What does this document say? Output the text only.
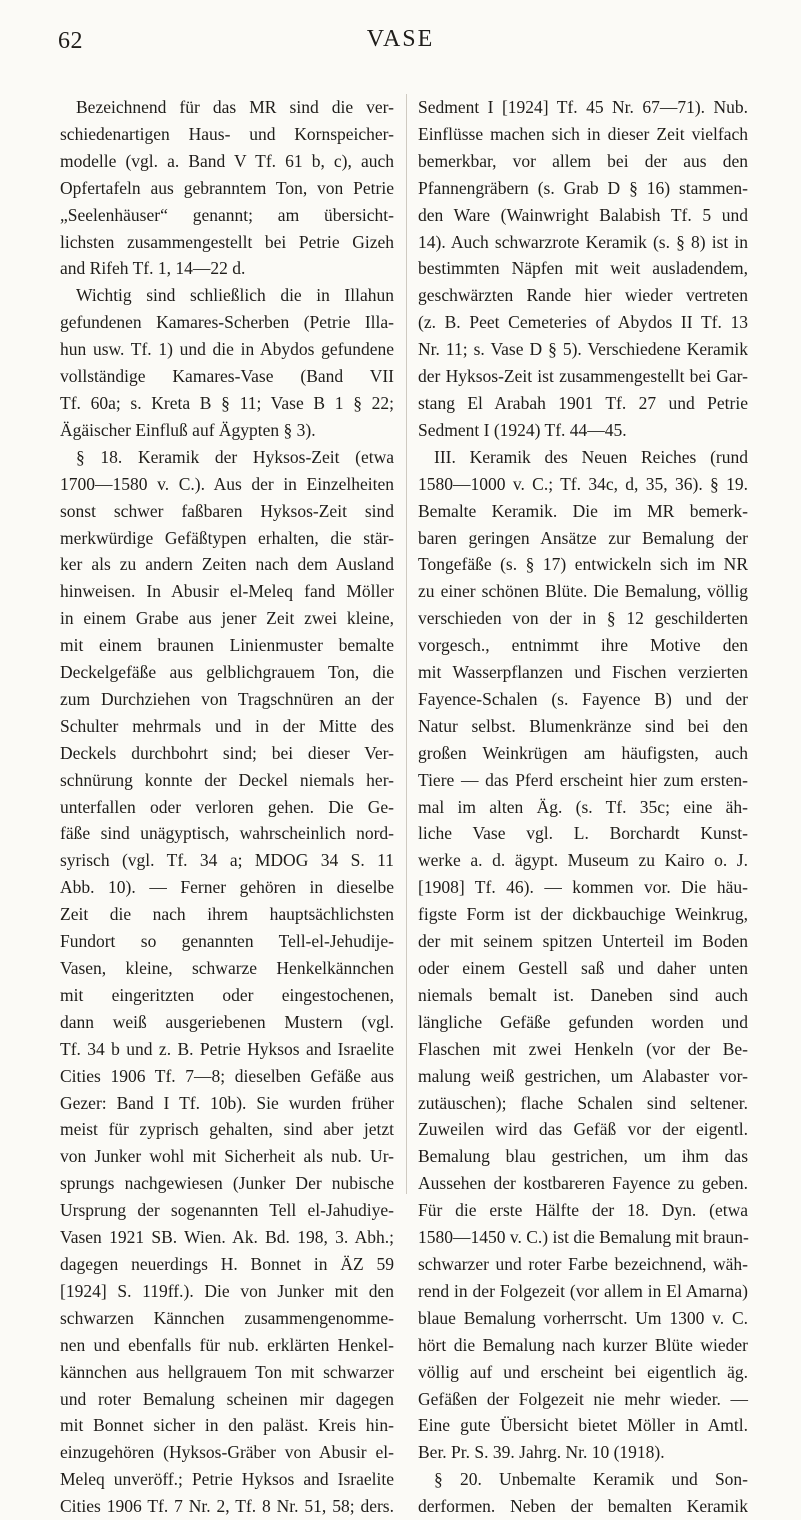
62	VASE
Bezeichnend für das MR sind die ver-
schiedenartigen Haus- und Kornspeicher-
modelle (vgl. a. Band V Tf. 61 b, c), auch
Opfertafeln aus gebranntem Ton, von Petrie
„Seelenhäuser“ genannt; am übersicht-
lichsten zusammengestellt bei Petrie Gizeh
and Rifeh Tf. 1, 14—22 d.
Wichtig sind schließlich die in Illahun
gefundenen Kamares-Scherben (Petrie Illa-
hun usw. Tf. 1) und die in Abydos gefundene
vollständige Kamares-Vase (Band VII
Tf. 60a; s. Kreta B § 11; Vase B 1 § 22;
Ägäischer Einfluß auf Ägypten § 3).
§ 18. Keramik der Hyksos-Zeit (etwa
1700—1580 v. C.). Aus der in Einzelheiten
sonst schwer faßbaren Hyksos-Zeit sind
merkwürdige Gefäßtypen erhalten, die stär-
ker als zu andern Zeiten nach dem Ausland
hinweisen. In Abusir el-Meleq fand Möller
in einem Grabe aus jener Zeit zwei kleine,
mit einem braunen Linienmuster bemalte
Deckelgefäße aus gelblichgrauem Ton, die
zum Durchziehen von Tragschnüren an der
Schulter mehrmals und in der Mitte des
Deckels durchbohrt sind; bei dieser Ver-
schnürung konnte der Deckel niemals her-
unterfallen oder verloren gehen. Die Ge-
fäße sind unägyptisch, wahrscheinlich nord-
syrisch (vgl. Tf. 34 a; MDOG 34 S. 11
Abb. 10). — Ferner gehören in dieselbe
Zeit die nach ihrem hauptsächlichsten
Fundort so genannten Tell-el-Jehudije-
Vasen, kleine, schwarze Henkelkännchen
mit eingeritzten oder eingestochenen,
dann weiß ausgeriebenen Mustern (vgl.
Tf. 34 b und z. B. Petrie Hyksos and Israelite
Cities 1906 Tf. 7—8; dieselben Gefäße aus
Gezer: Band I Tf. 10b). Sie wurden früher
meist für zyprisch gehalten, sind aber jetzt
von Junker wohl mit Sicherheit als nub. Ur-
sprungs nachgewiesen (Junker Der nubische
Ursprung der sogenannten Tell el-Jahudiye-
Vasen 1921 SB. Wien. Ak. Bd. 198, 3. Abh.;
dagegen neuerdings H. Bonnet in ÄZ 59
[1924] S. 119ff.). Die von Junker mit den
schwarzen Kännchen zusammengenomme-
nen und ebenfalls für nub. erklärten Henkel-
kännchen aus hellgrauem Ton mit schwarzer
und roter Bemalung scheinen mir dagegen
mit Bonnet sicher in den paläst. Kreis hin-
einzugehören (Hyksos-Gräber von Abusir el-
Meleq unveröff.; Petrie Hyksos and Israelite
Cities 1906 Tf. 7 Nr. 2, Tf. 8 Nr. 51, 58; ders.
Sedment I [1924] Tf. 45 Nr. 67—71). Nub.
Einflüsse machen sich in dieser Zeit vielfach
bemerkbar, vor allem bei der aus den
Pfannengräbern (s. Grab D § 16) stammen-
den Ware (Wainwright Balabish Tf. 5 und
14). Auch schwarzrote Keramik (s. § 8) ist in
bestimmten Näpfen mit weit ausladendem,
geschwärzten Rande hier wieder vertreten
(z. B. Peet Cemeteries of Abydos II Tf. 13
Nr. 11; s. Vase D § 5). Verschiedene Keramik
der Hyksos-Zeit ist zusammengestellt bei Gar-
stang El Arabah 1901 Tf. 27 und Petrie
Sedment I (1924) Tf. 44—45.
III. Keramik des Neuen Reiches (rund
1580—1000 v. C.; Tf. 34c, d, 35, 36). § 19.
Bemalte Keramik. Die im MR bemerk-
baren geringen Ansätze zur Bemalung der
Tongefäße (s. § 17) entwickeln sich im NR
zu einer schönen Blüte. Die Bemalung, völlig
verschieden von der in § 12 geschilderten
vorgesch., entnimmt ihre Motive den
mit Wasserpflanzen und Fischen verzierten
Fayence-Schalen (s. Fayence B) und der
Natur selbst. Blumenkränze sind bei den
großen Weinkrügen am häufigsten, auch
Tiere — das Pferd erscheint hier zum ersten-
mal im alten Äg. (s. Tf. 35c; eine äh-
liche Vase vgl. L. Borchardt Kunst-
werke a. d. ägypt. Museum zu Kairo o. J.
[1908] Tf. 46). — kommen vor. Die häu-
figste Form ist der dickbauchige Weinkrug,
der mit seinem spitzen Unterteil im Boden
oder einem Gestell saß und daher unten
niemals bemalt ist. Daneben sind auch
längliche Gefäße gefunden worden und
Flaschen mit zwei Henkeln (vor der Be-
malung weiß gestrichen, um Alabaster vor-
zutäuschen); flache Schalen sind seltener.
Zuweilen wird das Gefäß vor der eigentl.
Bemalung blau gestrichen, um ihm das
Aussehen der kostbareren Fayence zu geben.
Für die erste Hälfte der 18. Dyn. (etwa
1580—1450 v. C.) ist die Bemalung mit braun-
schwarzer und roter Farbe bezeichnend, wäh-
rend in der Folgezeit (vor allem in El Amarna)
blaue Bemalung vorherrscht. Um 1300 v. C.
hört die Bemalung nach kurzer Blüte wieder
völlig auf und erscheint bei eigentlich äg.
Gefäßen der Folgezeit nie mehr wieder. —
Eine gute Übersicht bietet Möller in Amtl.
Ber. Pr. S. 39. Jahrg. Nr. 10 (1918).
§ 20. Unbemalte Keramik und Son-
derformen. Neben der bemalten Keramik
